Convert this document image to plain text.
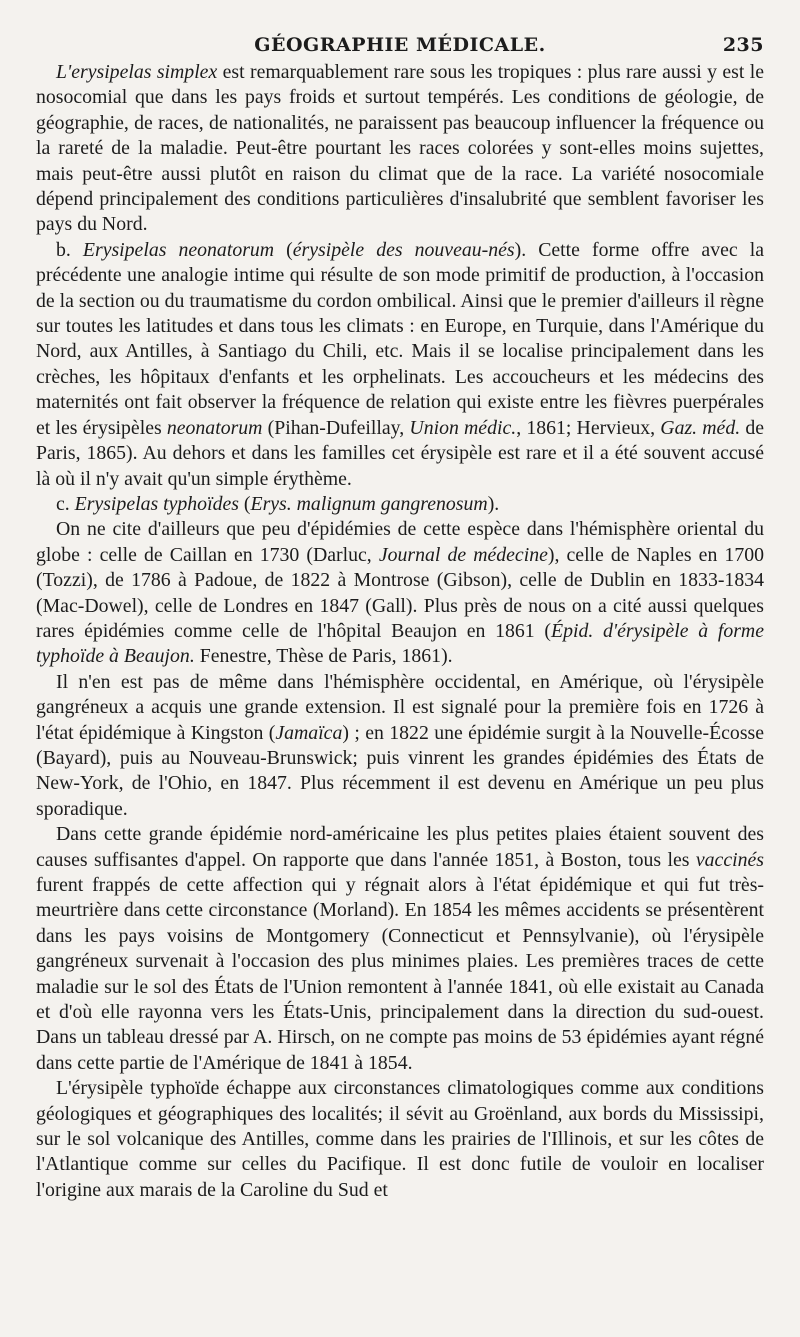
GÉOGRAPHIE MÉDICALE.	235

L'erysipelas simplex est remarquablement rare sous les tropiques : plus rare aussi y est le nosocomial que dans les pays froids et surtout tempérés. Les conditions de géologie, de géographie, de races, de nationalités, ne paraissent pas beaucoup influencer la fréquence ou la rareté de la maladie. Peut-être pourtant les races colorées y sont-elles moins sujettes, mais peut-être aussi plutôt en raison du climat que de la race. La variété nosocomiale dépend principalement des conditions particulières d'insalubrité que semblent favoriser les pays du Nord.

b. Erysipelas neonatorum (érysipèle des nouveau-nés). Cette forme offre avec la précédente une analogie intime qui résulte de son mode primitif de production, à l'occasion de la section ou du traumatisme du cordon ombilical. Ainsi que le premier d'ailleurs il règne sur toutes les latitudes et dans tous les climats : en Europe, en Turquie, dans l'Amérique du Nord, aux Antilles, à Santiago du Chili, etc. Mais il se localise principalement dans les crèches, les hôpitaux d'enfants et les orphelinats. Les accoucheurs et les médecins des maternités ont fait observer la fréquence de relation qui existe entre les fièvres puerpérales et les érysipèles neonatorum (Pihan-Dufeillay, Union médic., 1861; Hervieux, Gaz. méd. de Paris, 1865). Au dehors et dans les familles cet érysipèle est rare et il a été souvent accusé là où il n'y avait qu'un simple érythème.

c. Erysipelas typhoïdes (Erys. malignum gangrenosum).

On ne cite d'ailleurs que peu d'épidémies de cette espèce dans l'hémisphère oriental du globe : celle de Caillan en 1730 (Darluc, Journal de médecine), celle de Naples en 1700 (Tozzi), de 1786 à Padoue, de 1822 à Montrose (Gibson), celle de Dublin en 1833-1834 (Mac-Dowel), celle de Londres en 1847 (Gall). Plus près de nous on a cité aussi quelques rares épidémies comme celle de l'hôpital Beaujon en 1861 (Épid. d'érysipèle à forme typhoïde à Beaujon. Fenestre, Thèse de Paris, 1861).

Il n'en est pas de même dans l'hémisphère occidental, en Amérique, où l'érysipèle gangréneux a acquis une grande extension. Il est signalé pour la première fois en 1726 à l'état épidémique à Kingston (Jamaïca) ; en 1822 une épidémie surgit à la Nouvelle-Écosse (Bayard), puis au Nouveau-Brunswick; puis vinrent les grandes épidémies des États de New-York, de l'Ohio, en 1847. Plus récemment il est devenu en Amérique un peu plus sporadique.

Dans cette grande épidémie nord-américaine les plus petites plaies étaient souvent des causes suffisantes d'appel. On rapporte que dans l'année 1851, à Boston, tous les vaccinés furent frappés de cette affection qui y régnait alors à l'état épidémique et qui fut très-meurtrière dans cette circonstance (Morland). En 1854 les mêmes accidents se présentèrent dans les pays voisins de Montgomery (Connecticut et Pennsylvanie), où l'érysipèle gangréneux survenait à l'occasion des plus minimes plaies. Les premières traces de cette maladie sur le sol des États de l'Union remontent à l'année 1841, où elle existait au Canada et d'où elle rayonna vers les États-Unis, principalement dans la direction du sud-ouest. Dans un tableau dressé par A. Hirsch, on ne compte pas moins de 53 épidémies ayant régné dans cette partie de l'Amérique de 1841 à 1854.

L'érysipèle typhoïde échappe aux circonstances climatologiques comme aux conditions géologiques et géographiques des localités; il sévit au Groënland, aux bords du Mississipi, sur le sol volcanique des Antilles, comme dans les prairies de l'Illinois, et sur les côtes de l'Atlantique comme sur celles du Pacifique. Il est donc futile de vouloir en localiser l'origine aux marais de la Caroline du Sud et
